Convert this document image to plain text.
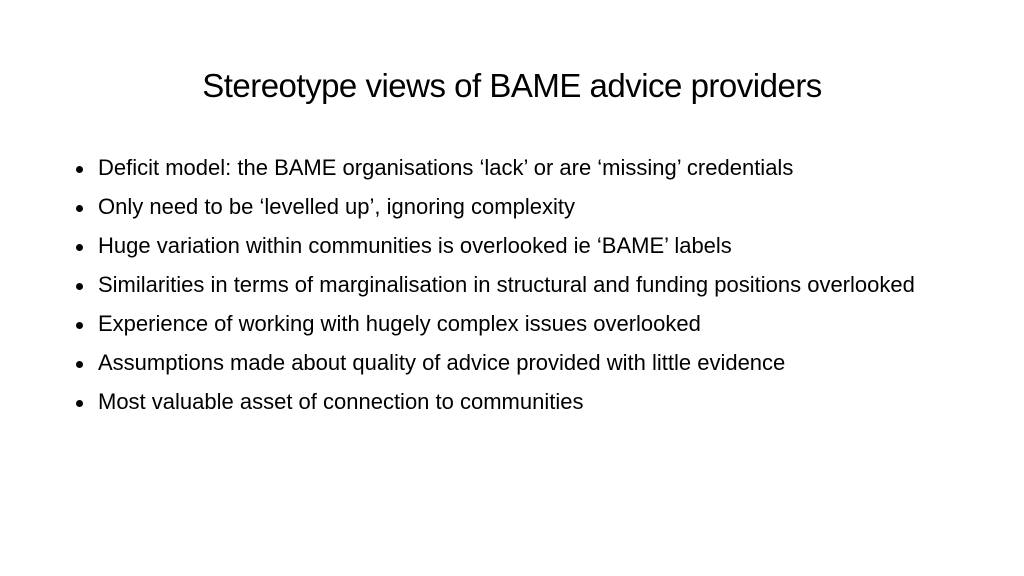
Stereotype views of BAME advice providers
Deficit model: the BAME organisations ‘lack’ or are ‘missing’ credentials
Only need to be ‘levelled up’, ignoring complexity
Huge variation within communities is overlooked ie ‘BAME’ labels
Similarities in terms of marginalisation in structural and funding positions overlooked
Experience of working with hugely complex issues overlooked
Assumptions made about quality of advice provided with little evidence
Most valuable asset of connection to communities
